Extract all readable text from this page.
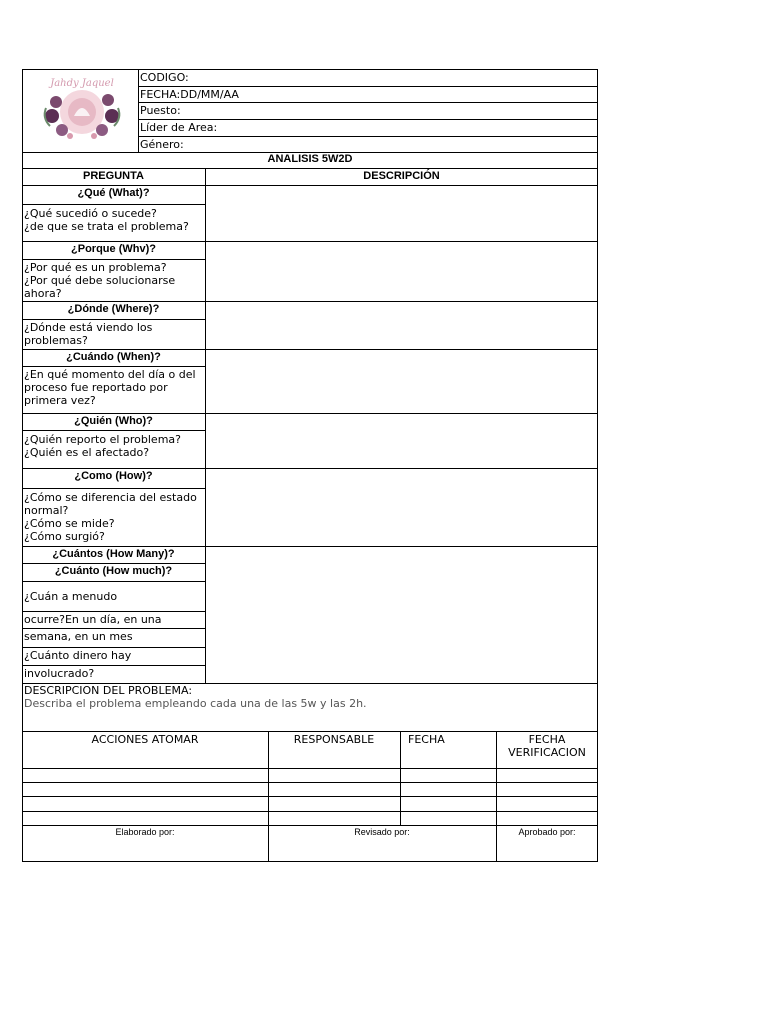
Jahdy Jaquel CODIGO:
FECHA:DD/MM/AA
Puesto:
Líder de Area:
Género:
ANALISIS 5W2D
PREGUNTA	DESCRIPCIÓN
¿Qué (What)?
¿Qué sucedió o sucede?
¿de que se trata el problema?
¿Porque (Whv)?
¿Por qué es un problema?
¿Por qué debe solucionarse
ahora?
¿Dónde (Where)?
¿Dónde está viendo los
problemas?
¿Cuándo (When)?
¿En qué momento del día o del
proceso fue reportado por
primera vez?
¿Quién (Who)?
¿Quién reporto el problema?
¿Quién es el afectado?
¿Como (How)?
¿Cómo se diferencia del estado
normal?
¿Cómo se mide?
¿Cómo surgió?
¿Cuántos (How Many)?
¿Cuánto (How much)?
¿Cuán a menudo
ocurre?En un día, en una
semana, en un mes
¿Cuánto dinero hay
involucrado?
DESCRIPCION DEL PROBLEMA:
Describa el problema empleando cada una de las 5w y las 2h.
ACCIONES ATOMAR	RESPONSABLE	FECHA	FECHA
VERIFICACION
Elaborado por:	Revisado por:	Aprobado por:
